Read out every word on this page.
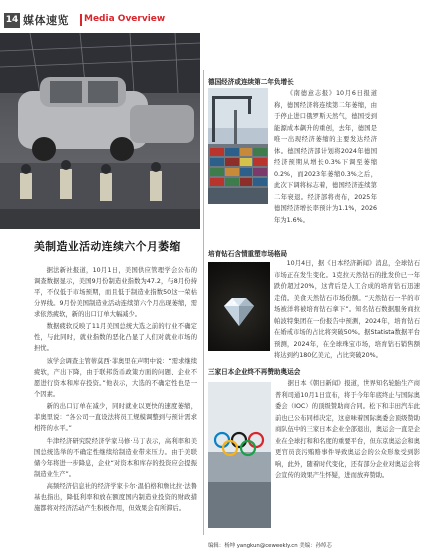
14 媒体速览 Media Overview
美制造业活动连续六个月萎缩

据法新社报道，10月1日，美国供应管理学会公布的调查数据显示，美国9月份制造业指数为47.2，与8月份持平，不仅低于市场预期，而且低于制造业指数50这一荣枯分界线。9月份美国制造业活动连续第六个月出现萎缩，需求依然疲软，新的出口订单大幅减少。

数据疲软反映了11月美国总统大选之前的行业不确定性，与此同时，就业指数的恶化凸显了人们对就业市场的担忧。

该学会调查主管蒂莫西·菲奥里在声明中说：“需求继续疲软，产出下降，由于联邦货币政策方面的问题、企业不愿进行资本和库存投资。”他表示，大选的不确定性也是一个因素。

新的出口订单在减少，同时就业以更快的速度萎缩，菲奥里说：“各公司一直设法将员工规模调整到与预计需求相符的水平。”

牛津经济研究院经济学家马修·马丁表示，高利率和美国总统选举的不确定性继续给制造业带来压力。由于美联储今年将进一步降息，企业“对资本和库存的投资应会提振制造业生产”。

高频经济信息社的经济学家卡尔·温伯格和詹比拉·法鲁基也指出，降低利率和放在额度国内制造业投资的财政措施都将对经济活动产生积极作用，但效果会有所滞后。

德国经济或连续第二年负增长

《南德意志报》10月6日报道称，德国经济将连续第二年萎缩，由于停止进口俄罗斯天然气，德国受到能源成本飙升的重创，去年，德国是唯一出现经济萎缩的主要发达经济体。德国经济部计划将2024年德国经济预期从增长0.3%下调至萎缩0.2%，而2023年萎缩0.3%之后，此次下调将标志着，德国经济连续第二年衰退。经济部将责布，2025年德国经济增长率预计为1.1%，2026年为1.6%。

培育钻石含情重塑市场格局

10月4日，据《日本经济新闻》消息，全球钻石市场正在发生变化。1克拉天然钻石的批发价已一年跌价超过20%，这背后是人工合成的培育钻石迅速走俏。美食天然钻石市场份额。“天然钻石一半的市场被洋将被培育钻石拿下”。知名钻石数据服务商拉帕波特集团在一份报告中预测，2024年，培育钻石在婚戒市场的占比将突破50%。据Statista数据平台预测，2024年，在全球珠宝市场，培育钻石销售额将达到约180亿美元，占比突破20%。

三家日本企业终不再赞助奥运会

据日本《朝日新闻》报道，世界知名轮胎生产商普利司通10月1日宣布，将于今年年底终止与国际奥委会（IOC）的顶级赞助商合同。松下和丰田汽车此前也已公布同样决定，这意味着国际奥委会顶级赞助商队伍中的三家日本企业全部退出，奥运会一直是企业在全球打和和名度的重要平台，但东京奥运会和奥更官员丧污贿赂事件导致奥运会的公众形象受到影响，此外，随着时代变化，还有部分企业对奥运会将会宣传的效果产生怀疑，进而放弃赞助。

编辑：杨坤 yangkun@ceweekly.cn 美编：孙绰芯
